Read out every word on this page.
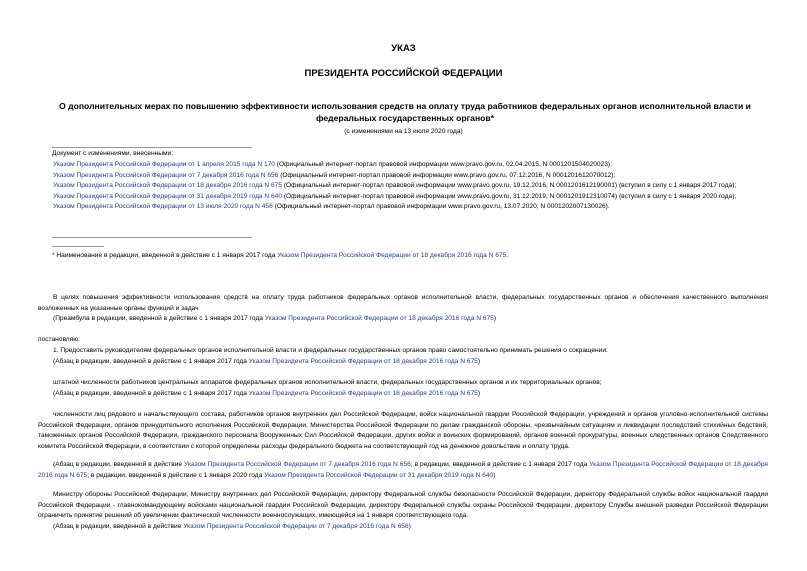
УКАЗ
ПРЕЗИДЕНТА РОССИЙСКОЙ ФЕДЕРАЦИИ
О дополнительных мерах по повышению эффективности использования средств на оплату труда работников федеральных органов исполнительной власти и федеральных государственных органов*
(с изменениями на 13 июля 2020 года)
Документ с изменениями, внесенными:
Указом Президента Российской Федерации от 1 апреля 2015 года N 170 (Официальный интернет-портал правовой информации www.pravo.gov.ru, 02.04.2015, N 0001201504020023);
Указом Президента Российской Федерации от 7 декабря 2016 года N 656 (Официальный интернет-портал правовой информации www.pravo.gov.ru, 07.12.2016, N 0001201612070012);
Указом Президента Российской Федерации от 18 декабря 2016 года N 675 (Официальный интернет-портал правовой информации www.pravo.gov.ru, 19.12.2016, N 0001201612190001) (вступил в силу с 1 января 2017 года);
Указом Президента Российской Федерации от 31 декабря 2019 года N 640 (Официальный интернет-портал правовой информации www.pravo.gov.ru, 31.12.2019, N 0001201912310074) (вступил в силу с 1 января 2020 года);
Указом Президента Российской Федерации от 13 июля 2020 года N 456 (Официальный интернет-портал правовой информации www.pravo.gov.ru, 13.07.2020, N 0001202007130026).
* Наименование в редакции, введенной в действие с 1 января 2017 года Указом Президента Российской Федерации от 18 декабря 2016 года N 675.
В целях повышения эффективности использования средств на оплату труда работников федеральных органов исполнительной власти, федеральных государственных органов и обеспечения качественного выполнения возложенных на указанные органы функций и задач
(Преамбула в редакции, введенной в действие с 1 января 2017 года Указом Президента Российской Федерации от 18 декабря 2016 года N 675)
постановляю:
1. Предоставить руководителям федеральных органов исполнительной власти и федеральных государственных органов право самостоятельно принимать решения о сокращении:
(Абзац в редакции, введенной в действие с 1 января 2017 года Указом Президента Российской Федерации от 18 декабря 2016 года N 675)
штатной численности работников центральных аппаратов федеральных органов исполнительной власти, федеральных государственных органов и их территориальных органов;
(Абзац в редакции, введенной в действие с 1 января 2017 года Указом Президента Российской Федерации от 18 декабря 2016 года N 675)
численности лиц рядового и начальствующего состава, работников органов внутренних дел Российской Федерации, войск национальной гвардии Российской Федерации, учреждений и органов уголовно-исполнительной системы Российской Федерации, органов принудительного исполнения Российской Федерации, Министерства Российской Федерации по делам гражданской обороны, чрезвычайным ситуациям и ликвидации последствий стихийных бедствий, таможенных органов Российской Федерации, гражданского персонала Вооруженных Сил Российской Федерации, других войск и воинских формирований, органов военной прокуратуры, военных следственных органов Следственного комитета Российской Федерации, в соответствии с которой определены расходы федерального бюджета на соответствующий год на денежное довольствие и оплату труда.
(Абзац в редакции, введенной в действие Указом Президента Российской Федерации от 7 декабря 2016 года N 656; в редакции, введенной в действие с 1 января 2017 года Указом Президента Российской Федерации от 18 декабря 2016 года N 675; в редакции, введенной в действие с 1 января 2020 года Указом Президента Российской Федерации от 31 декабря 2019 года N 640)
Министру обороны Российской Федерации, Министру внутренних дел Российской Федерации, директору Федеральной службы безопасности Российской Федерации, директору Федеральной службы войск национальной гвардии Российской Федерации - главнокомандующему войсками национальной гвардии Российской Федерации, директору Федеральной службы охраны Российской Федерации, директору Службы внешней разведки Российской Федерации ограничить принятие решений об увеличении фактической численности военнослужащих, имеющейся на 1 января соответствующего года.
(Абзац в редакции, введенной в действие Указом Президента Российской Федерации от 7 декабря 2016 года N 656)
